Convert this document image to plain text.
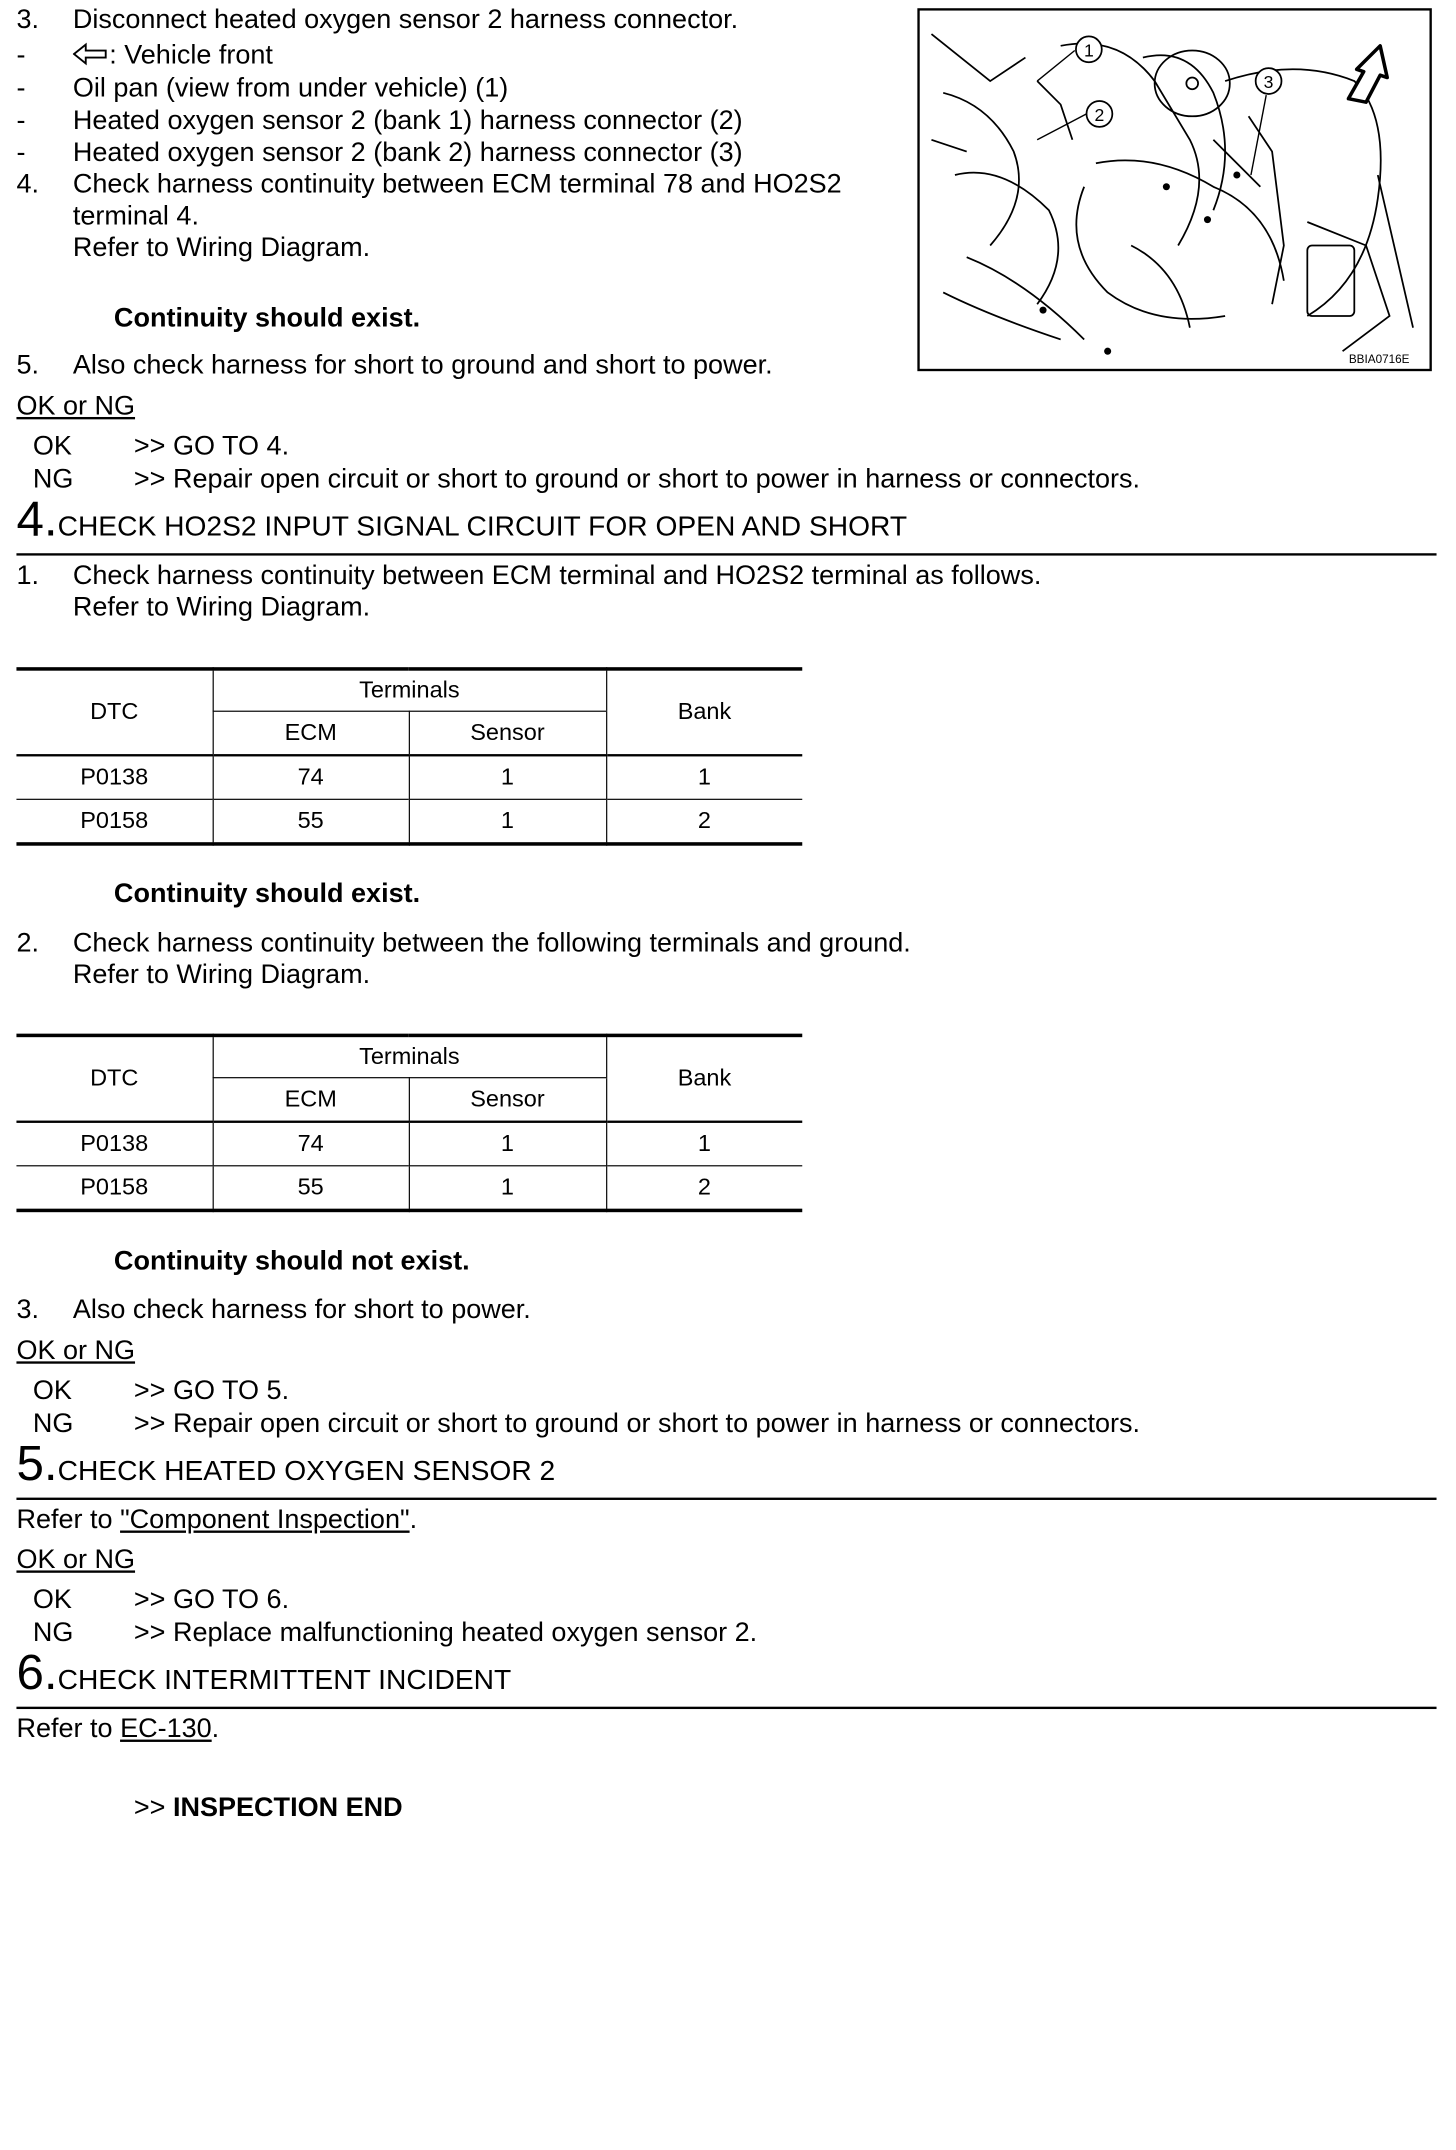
3. Disconnect heated oxygen sensor 2 harness connector.
-	: Vehicle front
- Oil pan (view from under vehicle) (1)
- Heated oxygen sensor 2 (bank 1) harness connector (2)
- Heated oxygen sensor 2 (bank 2) harness connector (3)
4. Check harness continuity between ECM terminal 78 and HO2S2
terminal 4.
Refer to Wiring Diagram.
Continuity should exist.
5. Also check harness for short to ground and short to power.
OK or NG
OK	>> GO TO 4.
NG	>> Repair open circuit or short to ground or short to power in harness or connectors.
1
2
3
BBIA0716E
4.CHECK HO2S2 INPUT SIGNAL CIRCUIT FOR OPEN AND SHORT
1. Check harness continuity between ECM terminal and HO2S2 terminal as follows.
Refer to Wiring Diagram.
DTC	Terminals		Bank
	ECM	Sensor	
P0138	74	1	1
P0158	55	1	2
Continuity should exist.
2. Check harness continuity between the following terminals and ground.
Refer to Wiring Diagram.
DTC	Terminals		Bank
	ECM	Sensor	
P0138	74	1	1
P0158	55	1	2
Continuity should not exist.
3. Also check harness for short to power.
OK or NG
OK	>> GO TO 5.
NG	>> Repair open circuit or short to ground or short to power in harness or connectors.
5.CHECK HEATED OXYGEN SENSOR 2
Refer to "Component Inspection".
OK or NG
OK	>> GO TO 6.
NG	>> Replace malfunctioning heated oxygen sensor 2.
6.CHECK INTERMITTENT INCIDENT
Refer to EC-130.
>> INSPECTION END
